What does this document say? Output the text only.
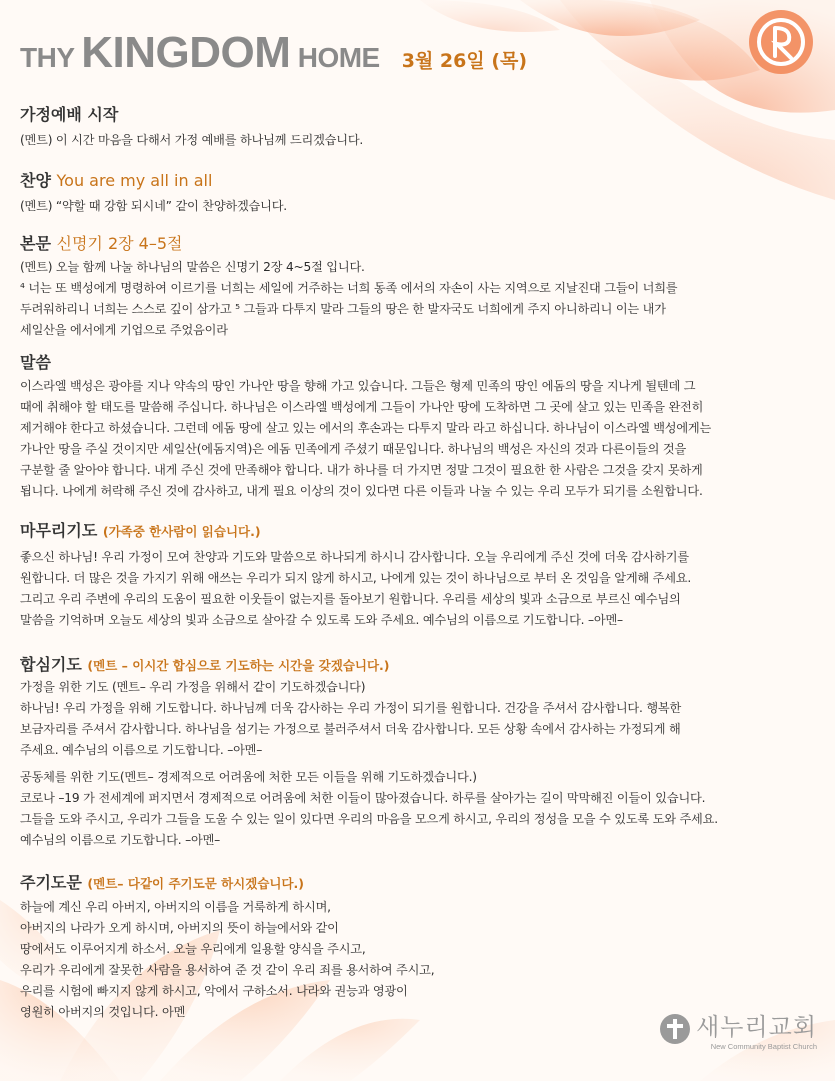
THY KINGDOM HOME 3월 26일 (목)
가정예배 시작
(멘트) 이 시간 마음을 다해서 가정 예배를 하나님께 드리겠습니다.
찬양 You are my all in all
(멘트) “약할 때 강함 되시네” 같이 찬양하겠습니다.
본문 신명기 2장 4–5절
(멘트) 오늘 함께 나눌 하나님의 말씀은 신명기 2장 4~5절 입니다.
⁴ 너는 또 백성에게 명령하여 이르기를 너희는 세일에 거주하는 너희 동족 에서의 자손이 사는 지역으로 지날진대 그들이 너희를
두려워하리니 너희는 스스로 깊이 삼가고 ⁵ 그들과 다투지 말라 그들의 땅은 한 발자국도 너희에게 주지 아니하리니 이는 내가
세일산을 에서에게 기업으로 주었음이라
말씀
이스라엘 백성은 광야를 지나 약속의 땅인 가나안 땅을 향해 가고 있습니다. 그들은 형제 민족의 땅인 에돔의 땅을 지나게 될텐데 그
때에 취해야 할 태도를 말씀해 주십니다. 하나님은 이스라엘 백성에게 그들이 가나안 땅에 도착하면 그 곳에 살고 있는 민족을 완전히
제거해야 한다고 하셨습니다. 그런데 에돔 땅에 살고 있는 에서의 후손과는 다투지 말라 라고 하십니다. 하나님이 이스라엘 백성에게는
가나안 땅을 주실 것이지만 세일산(에돔지역)은 에돔 민족에게 주셨기 때문입니다. 하나님의 백성은 자신의 것과 다른이들의 것을
구분할 줄 알아야 합니다. 내게 주신 것에 만족해야 합니다. 내가 하나를 더 가지면 정말 그것이 필요한 한 사람은 그것을 갖지 못하게
됩니다. 나에게 허락해 주신 것에 감사하고, 내게 필요 이상의 것이 있다면 다른 이들과 나눌 수 있는 우리 모두가 되기를 소원합니다.
마무리기도 (가족중 한사람이 읽습니다.)
좋으신 하나님! 우리 가정이 모여 찬양과 기도와 말씀으로 하나되게 하시니 감사합니다. 오늘 우리에게 주신 것에 더욱 감사하기를
원합니다. 더 많은 것을 가지기 위해 애쓰는 우리가 되지 않게 하시고, 나에게 있는 것이 하나님으로 부터 온 것임을 알게해 주세요.
그리고 우리 주변에 우리의 도움이 필요한 이웃들이 없는지를 돌아보기 원합니다. 우리를 세상의 빛과 소금으로 부르신 예수님의
말씀을 기억하며 오늘도 세상의 빛과 소금으로 살아갈 수 있도록 도와 주세요. 예수님의 이름으로 기도합니다. –아멘–
합심기도 (멘트 – 이시간 합심으로 기도하는 시간을 갖겠습니다.)
가정을 위한 기도 (멘트– 우리 가정을 위해서 같이 기도하겠습니다)
하나님! 우리 가정을 위해 기도합니다. 하나님께 더욱 감사하는 우리 가정이 되기를 원합니다. 건강을 주셔서 감사합니다. 행복한
보금자리를 주셔서 감사합니다. 하나님을 섬기는 가정으로 불러주셔서 더욱 감사합니다. 모든 상황 속에서 감사하는 가정되게 해
주세요. 예수님의 이름으로 기도합니다. –아멘–
공동체를 위한 기도(멘트– 경제적으로 어려움에 처한 모든 이들을 위해 기도하겠습니다.)
코로나 –19 가 전세계에 퍼지면서 경제적으로 어려움에 처한 이들이 많아졌습니다. 하루를 살아가는 길이 막막해진 이들이 있습니다.
그들을 도와 주시고, 우리가 그들을 도울 수 있는 일이 있다면 우리의 마음을 모으게 하시고, 우리의 정성을 모을 수 있도록 도와 주세요.
예수님의 이름으로 기도합니다. –아멘–
주기도문 (멘트– 다같이 주기도문 하시겠습니다.)
하늘에 계신 우리 아버지, 아버지의 이름을 거룩하게 하시며,
아버지의 나라가 오게 하시며, 아버지의 뜻이 하늘에서와 같이
땅에서도 이루어지게 하소서. 오늘 우리에게 일용할 양식을 주시고,
우리가 우리에게 잘못한 사람을 용서하여 준 것 같이 우리 죄를 용서하여 주시고,
우리를 시험에 빠지지 않게 하시고, 악에서 구하소서. 나라와 권능과 영광이
영원히 아버지의 것입니다. 아멘
새누리교회
New Community Baptist Church
